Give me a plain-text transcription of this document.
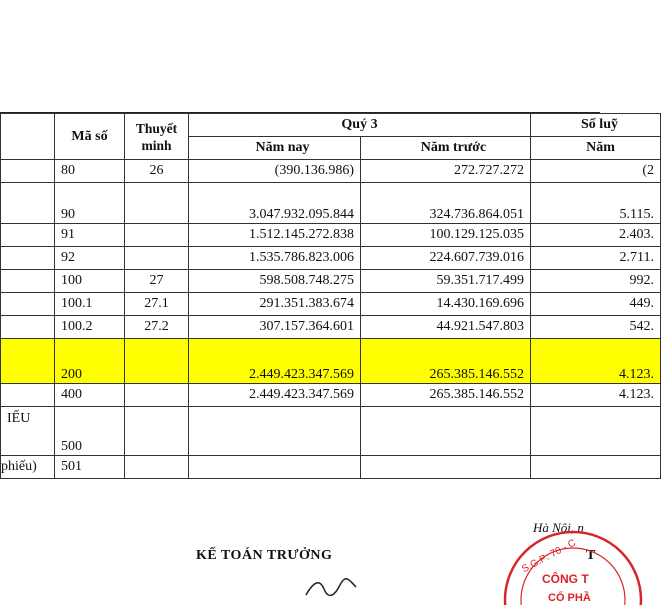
	Mã số	Thuyết minh	Quý 3		Số luỹ
			Năm nay	Năm trước	Năm
	80	26	(390.136.986)	272.727.272	(2
	90		3.047.932.095.844	324.736.864.051	5.115.
	91		1.512.145.272.838	100.129.125.035	2.403.
	92		1.535.786.823.006	224.607.739.016	2.711.
	100	27	598.508.748.275	59.351.717.499	992.
	100.1	27.1	291.351.383.674	14.430.169.696	449.
	100.2	27.2	307.157.364.601	44.921.547.803	542.
	200		2.449.423.347.569	265.385.146.552	4.123.
	400		2.449.423.347.569	265.385.146.552	4.123.
IẾU	500				
phiếu)	501				
Hà Nội, n
KẾ TOÁN TRƯỞNG	T
S.G.P: 70 - C
CÔNG T
CỔ PHẦ
